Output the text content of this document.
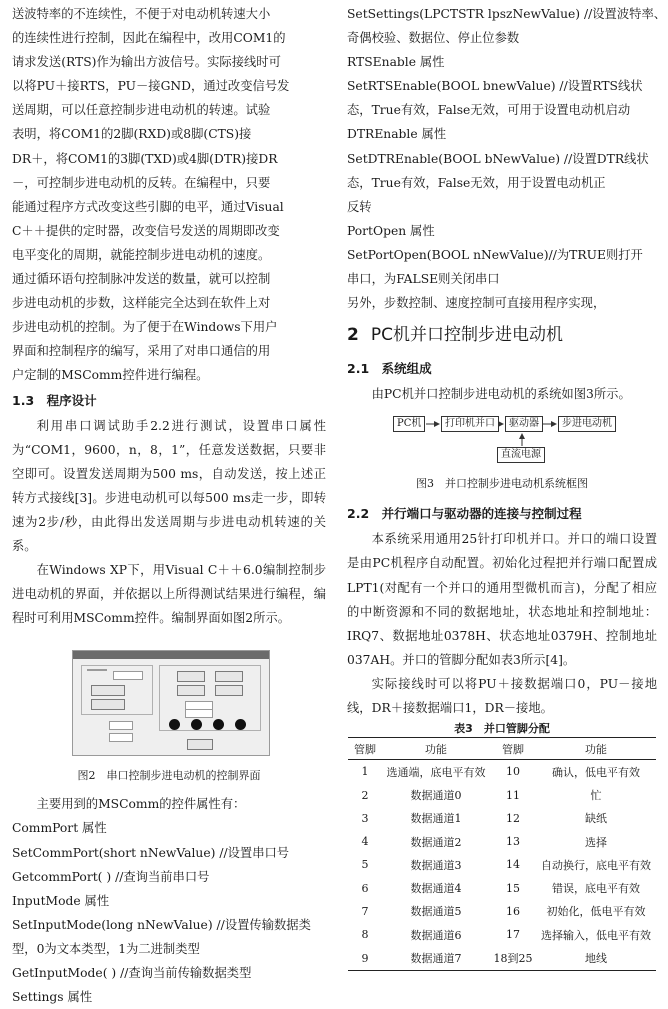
送波特率的不连续性，不便于对电动机转速大小
的连续性进行控制，因此在编程中，改用COM1的
请求发送(RTS)作为输出方波信号。实际接线时可
以将PU＋接RTS，PU－接GND，通过改变信号发
送周期，可以任意控制步进电动机的转速。试验
表明，将COM1的2脚(RXD)或8脚(CTS)接
DR＋，将COM1的3脚(TXD)或4脚(DTR)接DR
－，可控制步进电动机的反转。在编程中，只要
能通过程序方式改变这些引脚的电平，通过Visual
C＋＋提供的定时器，改变信号发送的周期即改变
电平变化的周期，就能控制步进电动机的速度。
通过循环语句控制脉冲发送的数量，就可以控制
步进电动机的步数，这样能完全达到在软件上对
步进电动机的控制。为了便于在Windows下用户
界面和控制程序的编写，采用了对串口通信的用
户定制的MSComm控件进行编程。

1.3　程序设计

利用串口调试助手2.2进行测试，设置串口属性为“COM1，9600，n，8，1”，任意发送数据，只要非空即可。设置发送周期为500 ms，自动发送，按上述正转方式接线[3]。步进电动机可以每500 ms走一步，即转速为2步/秒，由此得出发送周期与步进电动机转速的关系。

在Windows XP下，用Visual C＋＋6.0编制控制步进电动机的界面，并依据以上所得测试结果进行编程，编程时可利用MSComm控件。编制界面如图2所示。

图2　串口控制步进电动机的控制界面

主要用到的MSComm的控件属性有：

CommPort 属性
SetCommPort(short nNewValue) //设置串口号
GetcommPort( ) //查询当前串口号
InputMode 属性
SetInputMode(long nNewValue) //设置传输数据类
型，0为文本类型，1为二进制类型
GetInputMode( ) //查询当前传输数据类型
Settings 属性
SetSettings(LPCTSTR lpszNewValue) //设置波特率、
奇偶校验、数据位、停止位参数
RTSEnable 属性
SetRTSEnable(BOOL bnewValue) //设置RTS线状
态，True有效，False无效，可用于设置电动机启动
DTREnable 属性
SetDTREnable(BOOL bNewValue) //设置DTR线状
态，True有效，False无效，用于设置电动机正
反转
PortOpen 属性
SetPortOpen(BOOL nNewValue)//为TRUE则打开
串口，为FALSE则关闭串口
另外，步数控制、速度控制可直接用程序实现，

2 PC机并口控制步进电动机

2.1　系统组成

由PC机并口控制步进电动机的系统如图3所示。

PC机	打印机并口	驱动器	步进电动机
直流电源

图3　并口控制步进电动机系统框图

2.2　并行端口与驱动器的连接与控制过程

本系统采用通用25针打印机并口。并口的端口设置是由PC机程序自动配置。初始化过程把并行端口配置成LPT1(对配有一个并口的通用型微机而言)，分配了相应的中断资源和不同的数据地址，状态地址和控制地址：IRQ7、数据地址0378H、状态地址0379H、控制地址037AH。并口的管脚分配如表3所示[4]。

实际接线时可以将PU＋接数据端口0，PU－接地线，DR＋接数据端口1，DR－接地。

表3　并口管脚分配
管脚	功能	管脚	功能
1	选通端，底电平有效	10	确认，低电平有效
2	数据通道0	11	忙
3	数据通道1	12	缺纸
4	数据通道2	13	选择
5	数据通道3	14	自动换行，底电平有效
6	数据通道4	15	错误，底电平有效
7	数据通道5	16	初始化，低电平有效
8	数据通道6	17	选择输入，低电平有效
9	数据通道7	18到25	地线
